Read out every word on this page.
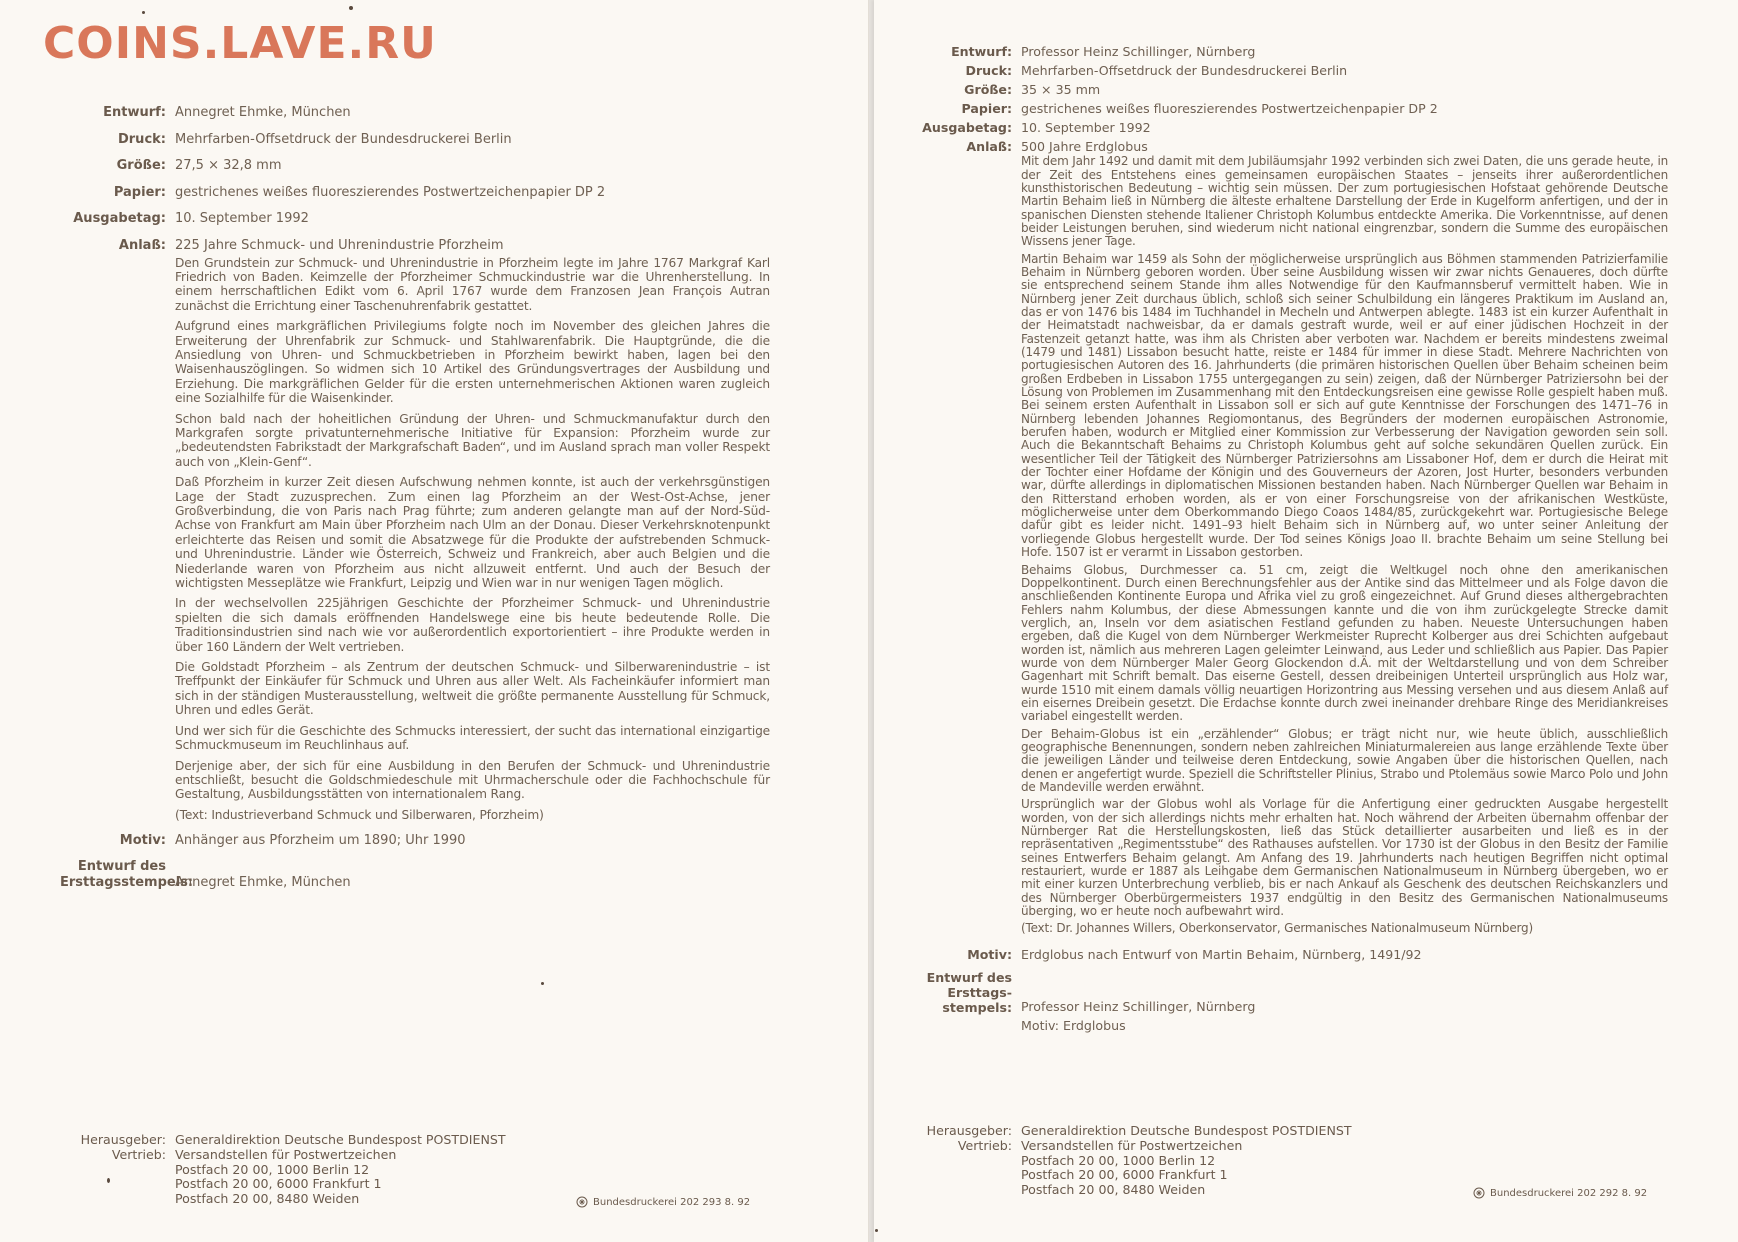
COINS.LAVE.RU
Entwurf: Annegret Ehmke, München
Druck: Mehrfarben-Offsetdruck der Bundesdruckerei Berlin
Größe: 27,5 × 32,8 mm
Papier: gestrichenes weißes fluoreszierendes Postwertzeichenpapier DP 2
Ausgabetag: 10. September 1992
Anlaß: 225 Jahre Schmuck- und Uhrenindustrie Pforzheim

Den Grundstein zur Schmuck- und Uhrenindustrie in Pforzheim legte im Jahre 1767 Markgraf Karl Friedrich von Baden. Keimzelle der Pforzheimer Schmuckindustrie war die Uhrenherstellung. In einem herrschaftlichen Edikt vom 6. April 1767 wurde dem Franzosen Jean François Autran zunächst die Errichtung einer Taschenuhrenfabrik gestattet.

Aufgrund eines markgräflichen Privilegiums folgte noch im November des gleichen Jahres die Erweiterung der Uhrenfabrik zur Schmuck- und Stahlwarenfabrik. Die Hauptgründe, die die Ansiedlung von Uhren- und Schmuckbetrieben in Pforzheim bewirkt haben, lagen bei den Waisenhauszöglingen. So widmen sich 10 Artikel des Gründungsvertrages der Ausbildung und Erziehung. Die markgräflichen Gelder für die ersten unternehmerischen Aktionen waren zugleich eine Sozialhilfe für die Waisenkinder.

Schon bald nach der hoheitlichen Gründung der Uhren- und Schmuckmanufaktur durch den Markgrafen sorgte privatunternehmerische Initiative für Expansion: Pforzheim wurde zur „bedeutendsten Fabrikstadt der Markgrafschaft Baden“, und im Ausland sprach man voller Respekt auch von „Klein-Genf“.

Daß Pforzheim in kurzer Zeit diesen Aufschwung nehmen konnte, ist auch der verkehrsgünstigen Lage der Stadt zuzusprechen. Zum einen lag Pforzheim an der West-Ost-Achse, jener Großverbindung, die von Paris nach Prag führte; zum anderen gelangte man auf der Nord-Süd-Achse von Frankfurt am Main über Pforzheim nach Ulm an der Donau. Dieser Verkehrsknotenpunkt erleichterte das Reisen und somit die Absatzwege für die Produkte der aufstrebenden Schmuck- und Uhrenindustrie. Länder wie Österreich, Schweiz und Frankreich, aber auch Belgien und die Niederlande waren von Pforzheim aus nicht allzuweit entfernt. Und auch der Besuch der wichtigsten Messeplätze wie Frankfurt, Leipzig und Wien war in nur wenigen Tagen möglich.

In der wechselvollen 225jährigen Geschichte der Pforzheimer Schmuck- und Uhrenindustrie spielten die sich damals eröffnenden Handelswege eine bis heute bedeutende Rolle. Die Traditionsindustrien sind nach wie vor außerordentlich exportorientiert – ihre Produkte werden in über 160 Ländern der Welt vertrieben.

Die Goldstadt Pforzheim – als Zentrum der deutschen Schmuck- und Silberwarenindustrie – ist Treffpunkt der Einkäufer für Schmuck und Uhren aus aller Welt. Als Facheinkäufer informiert man sich in der ständigen Musterausstellung, weltweit die größte permanente Ausstellung für Schmuck, Uhren und edles Gerät.

Und wer sich für die Geschichte des Schmucks interessiert, der sucht das international einzigartige Schmuckmuseum im Reuchlinhaus auf.

Derjenige aber, der sich für eine Ausbildung in den Berufen der Schmuck- und Uhrenindustrie entschließt, besucht die Goldschmiedeschule mit Uhrmacherschule oder die Fachhochschule für Gestaltung, Ausbildungsstätten von internationalem Rang.

(Text: Industrieverband Schmuck und Silberwaren, Pforzheim)

Motiv: Anhänger aus Pforzheim um 1890; Uhr 1990
Entwurf des
Ersttagsstempels:
Annegret Ehmke, München
Herausgeber:
Vertrieb:
Generaldirektion Deutsche Bundespost POSTDIENST
Versandstellen für Postwertzeichen
Postfach 20 00, 1000 Berlin 12
Postfach 20 00, 6000 Frankfurt 1
Postfach 20 00, 8480 Weiden	Bundesdruckerei 202 293 8. 92
Entwurf: Professor Heinz Schillinger, Nürnberg
Druck: Mehrfarben-Offsetdruck der Bundesdruckerei Berlin
Größe: 35 × 35 mm
Papier: gestrichenes weißes fluoreszierendes Postwertzeichenpapier DP 2
Ausgabetag: 10. September 1992
Anlaß: 500 Jahre Erdglobus

Mit dem Jahr 1492 und damit mit dem Jubiläumsjahr 1992 verbinden sich zwei Daten, die uns gerade heute, in der Zeit des Entstehens eines gemeinsamen europäischen Staates – jenseits ihrer außerordentlichen kunsthistorischen Bedeutung – wichtig sein müssen. Der zum portugiesischen Hofstaat gehörende Deutsche Martin Behaim ließ in Nürnberg die älteste erhaltene Darstellung der Erde in Kugelform anfertigen, und der in spanischen Diensten stehende Italiener Christoph Kolumbus entdeckte Amerika. Die Vorkenntnisse, auf denen beider Leistungen beruhen, sind wiederum nicht national eingrenzbar, sondern die Summe des europäischen Wissens jener Tage.

Martin Behaim war 1459 als Sohn der möglicherweise ursprünglich aus Böhmen stammenden Patrizierfamilie Behaim in Nürnberg geboren worden. Über seine Ausbildung wissen wir zwar nichts Genaueres, doch dürfte sie entsprechend seinem Stande ihm alles Notwendige für den Kaufmannsberuf vermittelt haben. Wie in Nürnberg jener Zeit durchaus üblich, schloß sich seiner Schulbildung ein längeres Praktikum im Ausland an, das er von 1476 bis 1484 im Tuchhandel in Mecheln und Antwerpen ablegte. 1483 ist ein kurzer Aufenthalt in der Heimatstadt nachweisbar, da er damals gestraft wurde, weil er auf einer jüdischen Hochzeit in der Fastenzeit getanzt hatte, was ihm als Christen aber verboten war. Nachdem er bereits mindestens zweimal (1479 und 1481) Lissabon besucht hatte, reiste er 1484 für immer in diese Stadt. Mehrere Nachrichten von portugiesischen Autoren des 16. Jahrhunderts (die primären historischen Quellen über Behaim scheinen beim großen Erdbeben in Lissabon 1755 untergegangen zu sein) zeigen, daß der Nürnberger Patriziersohn bei der Lösung von Problemen im Zusammenhang mit den Entdeckungsreisen eine gewisse Rolle gespielt haben muß. Bei seinem ersten Aufenthalt in Lissabon soll er sich auf gute Kenntnisse der Forschungen des 1471–76 in Nürnberg lebenden Johannes Regiomontanus, des Begründers der modernen europäischen Astronomie, berufen haben, wodurch er Mitglied einer Kommission zur Verbesserung der Navigation geworden sein soll. Auch die Bekanntschaft Behaims zu Christoph Kolumbus geht auf solche sekundären Quellen zurück. Ein wesentlicher Teil der Tätigkeit des Nürnberger Patriziersohns am Lissaboner Hof, dem er durch die Heirat mit der Tochter einer Hofdame der Königin und des Gouverneurs der Azoren, Jost Hurter, besonders verbunden war, dürfte allerdings in diplomatischen Missionen bestanden haben. Nach Nürnberger Quellen war Behaim in den Ritterstand erhoben worden, als er von einer Forschungsreise von der afrikanischen Westküste, möglicherweise unter dem Oberkommando Diego Coaos 1484/85, zurückgekehrt war. Portugiesische Belege dafür gibt es leider nicht. 1491–93 hielt Behaim sich in Nürnberg auf, wo unter seiner Anleitung der vorliegende Globus hergestellt wurde. Der Tod seines Königs Joao II. brachte Behaim um seine Stellung bei Hofe. 1507 ist er verarmt in Lissabon gestorben.

Behaims Globus, Durchmesser ca. 51 cm, zeigt die Weltkugel noch ohne den amerikanischen Doppelkontinent. Durch einen Berechnungsfehler aus der Antike sind das Mittelmeer und als Folge davon die anschließenden Kontinente Europa und Afrika viel zu groß eingezeichnet. Auf Grund dieses althergebrachten Fehlers nahm Kolumbus, der diese Abmessungen kannte und die von ihm zurückgelegte Strecke damit verglich, an, Inseln vor dem asiatischen Festland gefunden zu haben. Neueste Untersuchungen haben ergeben, daß die Kugel von dem Nürnberger Werkmeister Ruprecht Kolberger aus drei Schichten aufgebaut worden ist, nämlich aus mehreren Lagen geleimter Leinwand, aus Leder und schließlich aus Papier. Das Papier wurde von dem Nürnberger Maler Georg Glockendon d.Ä. mit der Weltdarstellung und von dem Schreiber Gagenhart mit Schrift bemalt. Das eiserne Gestell, dessen dreibeinigen Unterteil ursprünglich aus Holz war, wurde 1510 mit einem damals völlig neuartigen Horizontring aus Messing versehen und aus diesem Anlaß auf ein eisernes Dreibein gesetzt. Die Erdachse konnte durch zwei ineinander drehbare Ringe des Meridiankreises variabel eingestellt werden.

Der Behaim-Globus ist ein „erzählender“ Globus; er trägt nicht nur, wie heute üblich, ausschließlich geographische Benennungen, sondern neben zahlreichen Miniaturmalereien aus lange erzählende Texte über die jeweiligen Länder und teilweise deren Entdeckung, sowie Angaben über die historischen Quellen, nach denen er angefertigt wurde. Speziell die Schriftsteller Plinius, Strabo und Ptolemäus sowie Marco Polo und John de Mandeville werden erwähnt.

Ursprünglich war der Globus wohl als Vorlage für die Anfertigung einer gedruckten Ausgabe hergestellt worden, von der sich allerdings nichts mehr erhalten hat. Noch während der Arbeiten übernahm offenbar der Nürnberger Rat die Herstellungskosten, ließ das Stück detaillierter ausarbeiten und ließ es in der repräsentativen „Regimentsstube“ des Rathauses aufstellen. Vor 1730 ist der Globus in den Besitz der Familie seines Entwerfers Behaim gelangt. Am Anfang des 19. Jahrhunderts nach heutigen Begriffen nicht optimal restauriert, wurde er 1887 als Leihgabe dem Germanischen Nationalmuseum in Nürnberg übergeben, wo er mit einer kurzen Unterbrechung verblieb, bis er nach Ankauf als Geschenk des deutschen Reichskanzlers und des Nürnberger Oberbürgermeisters 1937 endgültig in den Besitz des Germanischen Nationalmuseums überging, wo er heute noch aufbewahrt wird.

(Text: Dr. Johannes Willers, Oberkonservator, Germanisches Nationalmuseum Nürnberg)

Motiv: Erdglobus nach Entwurf von Martin Behaim, Nürnberg, 1491/92
Entwurf des
Ersttags-
stempels: Professor Heinz Schillinger, Nürnberg
Motiv: Erdglobus
Herausgeber:
Vertrieb:
Generaldirektion Deutsche Bundespost POSTDIENST
Versandstellen für Postwertzeichen
Postfach 20 00, 1000 Berlin 12
Postfach 20 00, 6000 Frankfurt 1
Postfach 20 00, 8480 Weiden	Bundesdruckerei 202 292 8. 92
